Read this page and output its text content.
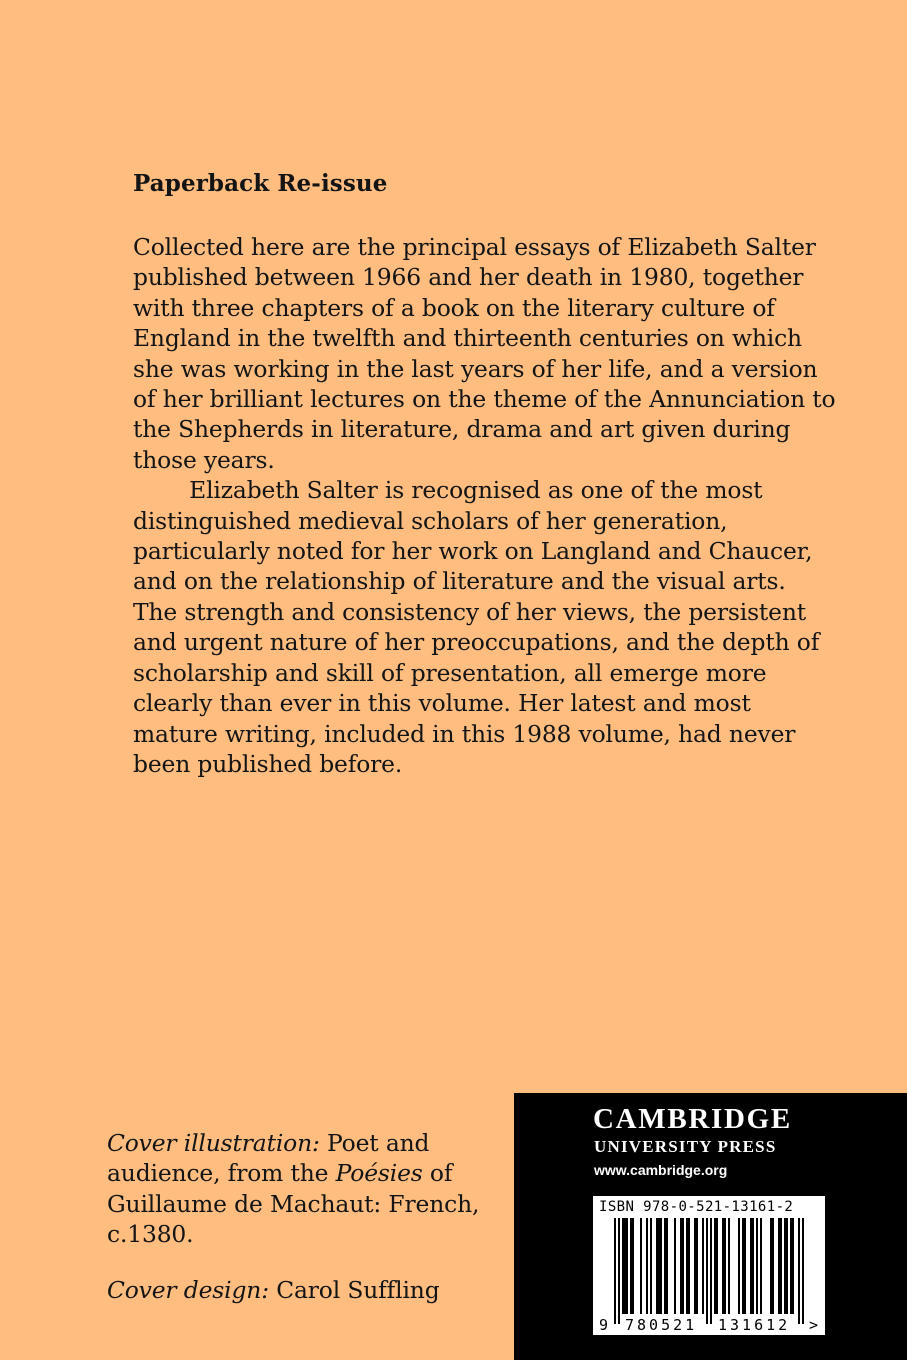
Paperback Re-issue

Collected here are the principal essays of Elizabeth Salter
published between 1966 and her death in 1980, together
with three chapters of a book on the literary culture of
England in the twelfth and thirteenth centuries on which
she was working in the last years of her life, and a version
of her brilliant lectures on the theme of the Annunciation to
the Shepherds in literature, drama and art given during
those years.

Elizabeth Salter is recognised as one of the most
distinguished medieval scholars of her generation,
particularly noted for her work on Langland and Chaucer,
and on the relationship of literature and the visual arts.
The strength and consistency of her views, the persistent
and urgent nature of her preoccupations, and the depth of
scholarship and skill of presentation, all emerge more
clearly than ever in this volume. Her latest and most
mature writing, included in this 1988 volume, had never
been published before.

Cover illustration: Poet and
audience, from the Poésies of
Guillaume de Machaut: French,
c.1380.
Cover design: Carol Suffling
CAMBRIDGE
UNIVERSITY PRESS
www.cambridge.org
ISBN 978-0-521-13161-2
9 780521 131612 >
